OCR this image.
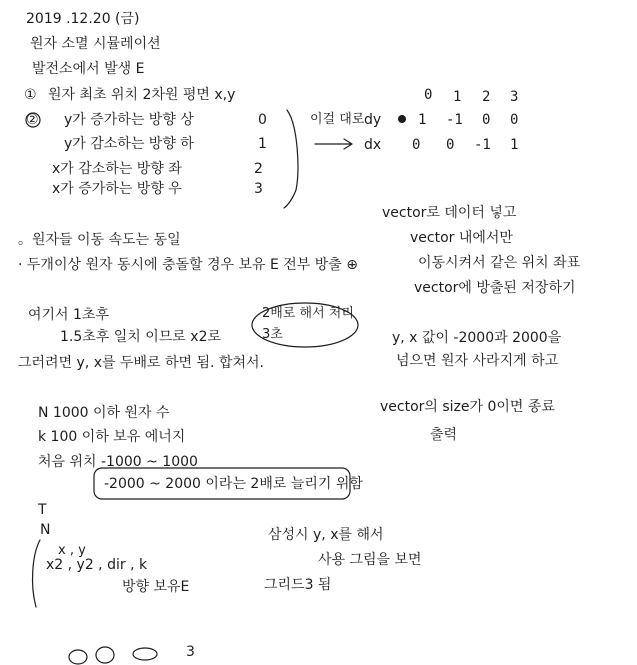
2019 .12.20 (금)
원자 소멸 시뮬레이션
발전소에서 발생 E
① 원자 최초 위치 2차원 평면 x,y
② y가 증가하는 방향 상	0
y가 감소하는 방향 하	1
x가 감소하는 방향 좌	2
x가 증가하는 방향 우	3
0 1 2 3
이걸 대로 dy	1 -1 0 0
dx 0 0 -1 1
vector로 데이터 넣고
vector 내에서만
이동시켜서 같은 위치 좌표
vector에 방출된 저장하기
。원자들 이동 속도는 동일
· 두개이상 원자 동시에 충돌할 경우 보유 E 전부 방출 ⊕
여기서 1초후	2배로 해서 처리
3초
1.5초후 일치 이므로 x2로
그러려면 y, x를 두배로 하면 됨. 합쳐서.
y, x 값이 -2000과 2000을
넘으면 원자 사라지게 하고
vector의 size가 0이면 종료
출력
N 1000 이하 원자 수
k 100 이하 보유 에너지
처음 위치 -1000 ~ 1000
-2000 ~ 2000 이라는 2배로 늘리기 위함
T
N
x , y
x2 , y2 , dir , k
방향 보유E
삼성시 y, x를 해서
사용 그림을 보면
그리드3 됨
3
